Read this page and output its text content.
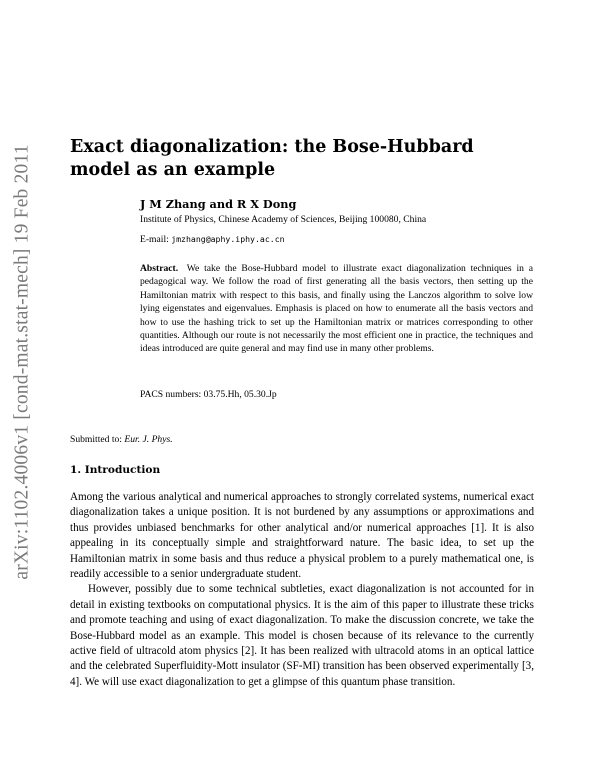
arXiv:1102.4006v1 [cond-mat.stat-mech] 19 Feb 2011 Exact diagonalization: the Bose-Hubbard model as an example
J M Zhang and R X Dong
Institute of Physics, Chinese Academy of Sciences, Beijing 100080, China
E-mail: jmzhang@aphy.iphy.ac.cn

Abstract. We take the Bose-Hubbard model to illustrate exact diagonalization techniques in a pedagogical way. We follow the road of first generating all the basis vectors, then setting up the Hamiltonian matrix with respect to this basis, and finally using the Lanczos algorithm to solve low lying eigenstates and eigenvalues. Emphasis is placed on how to enumerate all the basis vectors and how to use the hashing trick to set up the Hamiltonian matrix or matrices corresponding to other quantities. Although our route is not necessarily the most efficient one in practice, the techniques and ideas introduced are quite general and may find use in many other problems.

PACS numbers: 03.75.Hh, 05.30.Jp
Submitted to: Eur. J. Phys.
1. Introduction

Among the various analytical and numerical approaches to strongly correlated systems, numerical exact diagonalization takes a unique position. It is not burdened by any assumptions or approximations and thus provides unbiased benchmarks for other analytical and/or numerical approaches [1]. It is also appealing in its conceptually simple and straightforward nature. The basic idea, to set up the Hamiltonian matrix in some basis and thus reduce a physical problem to a purely mathematical one, is readily accessible to a senior undergraduate student.

However, possibly due to some technical subtleties, exact diagonalization is not accounted for in detail in existing textbooks on computational physics. It is the aim of this paper to illustrate these tricks and promote teaching and using of exact diagonalization. To make the discussion concrete, we take the Bose-Hubbard model as an example. This model is chosen because of its relevance to the currently active field of ultracold atom physics [2]. It has been realized with ultracold atoms in an optical lattice and the celebrated Superfluidity-Mott insulator (SF-MI) transition has been observed experimentally [3, 4]. We will use exact diagonalization to get a glimpse of this quantum phase transition.
